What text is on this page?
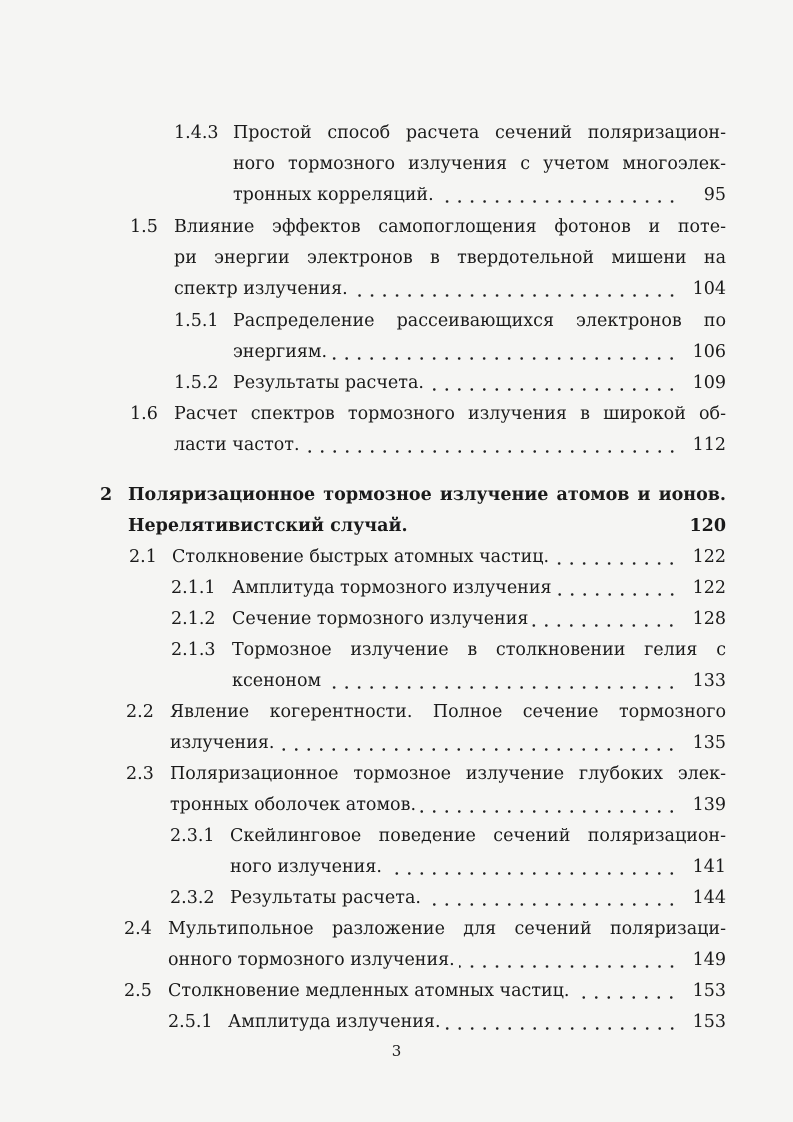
1.4.3 Простой способ расчета сечений поляризацион-
ного тормозного излучения с учетом многоэлек-
тронных корреляций.	95
1.5 Влияние эффектов самопоглощения фотонов и поте-
ри энергии электронов в твердотельной мишени на
спектр излучения.	104
1.5.1 Распределение рассеивающихся электронов по
энергиям.	106
1.5.2 Результаты расчета.	109
1.6 Расчет спектров тормозного излучения в широкой об-
ласти частот.	112
2 Поляризационное тормозное излучение атомов и ионов.
Нерелятивистский случай.	120
2.1 Столкновение быстрых атомных частиц.	122
2.1.1 Амплитуда тормозного излучения	122
2.1.2 Сечение тормозного излучения	128
2.1.3 Тормозное излучение в столкновении гелия с
ксеноном	133
2.2 Явление когерентности. Полное сечение тормозного
излучения.	135
2.3 Поляризационное тормозное излучение глубоких элек-
тронных оболочек атомов.	139
2.3.1 Скейлинговое поведение сечений поляризацион-
ного излучения.	141
2.3.2 Результаты расчета.	144
2.4 Мультипольное разложение для сечений поляризаци-
онного тормозного излучения.	149
2.5 Столкновение медленных атомных частиц.	153
2.5.1 Амплитуда излучения.	153
3
